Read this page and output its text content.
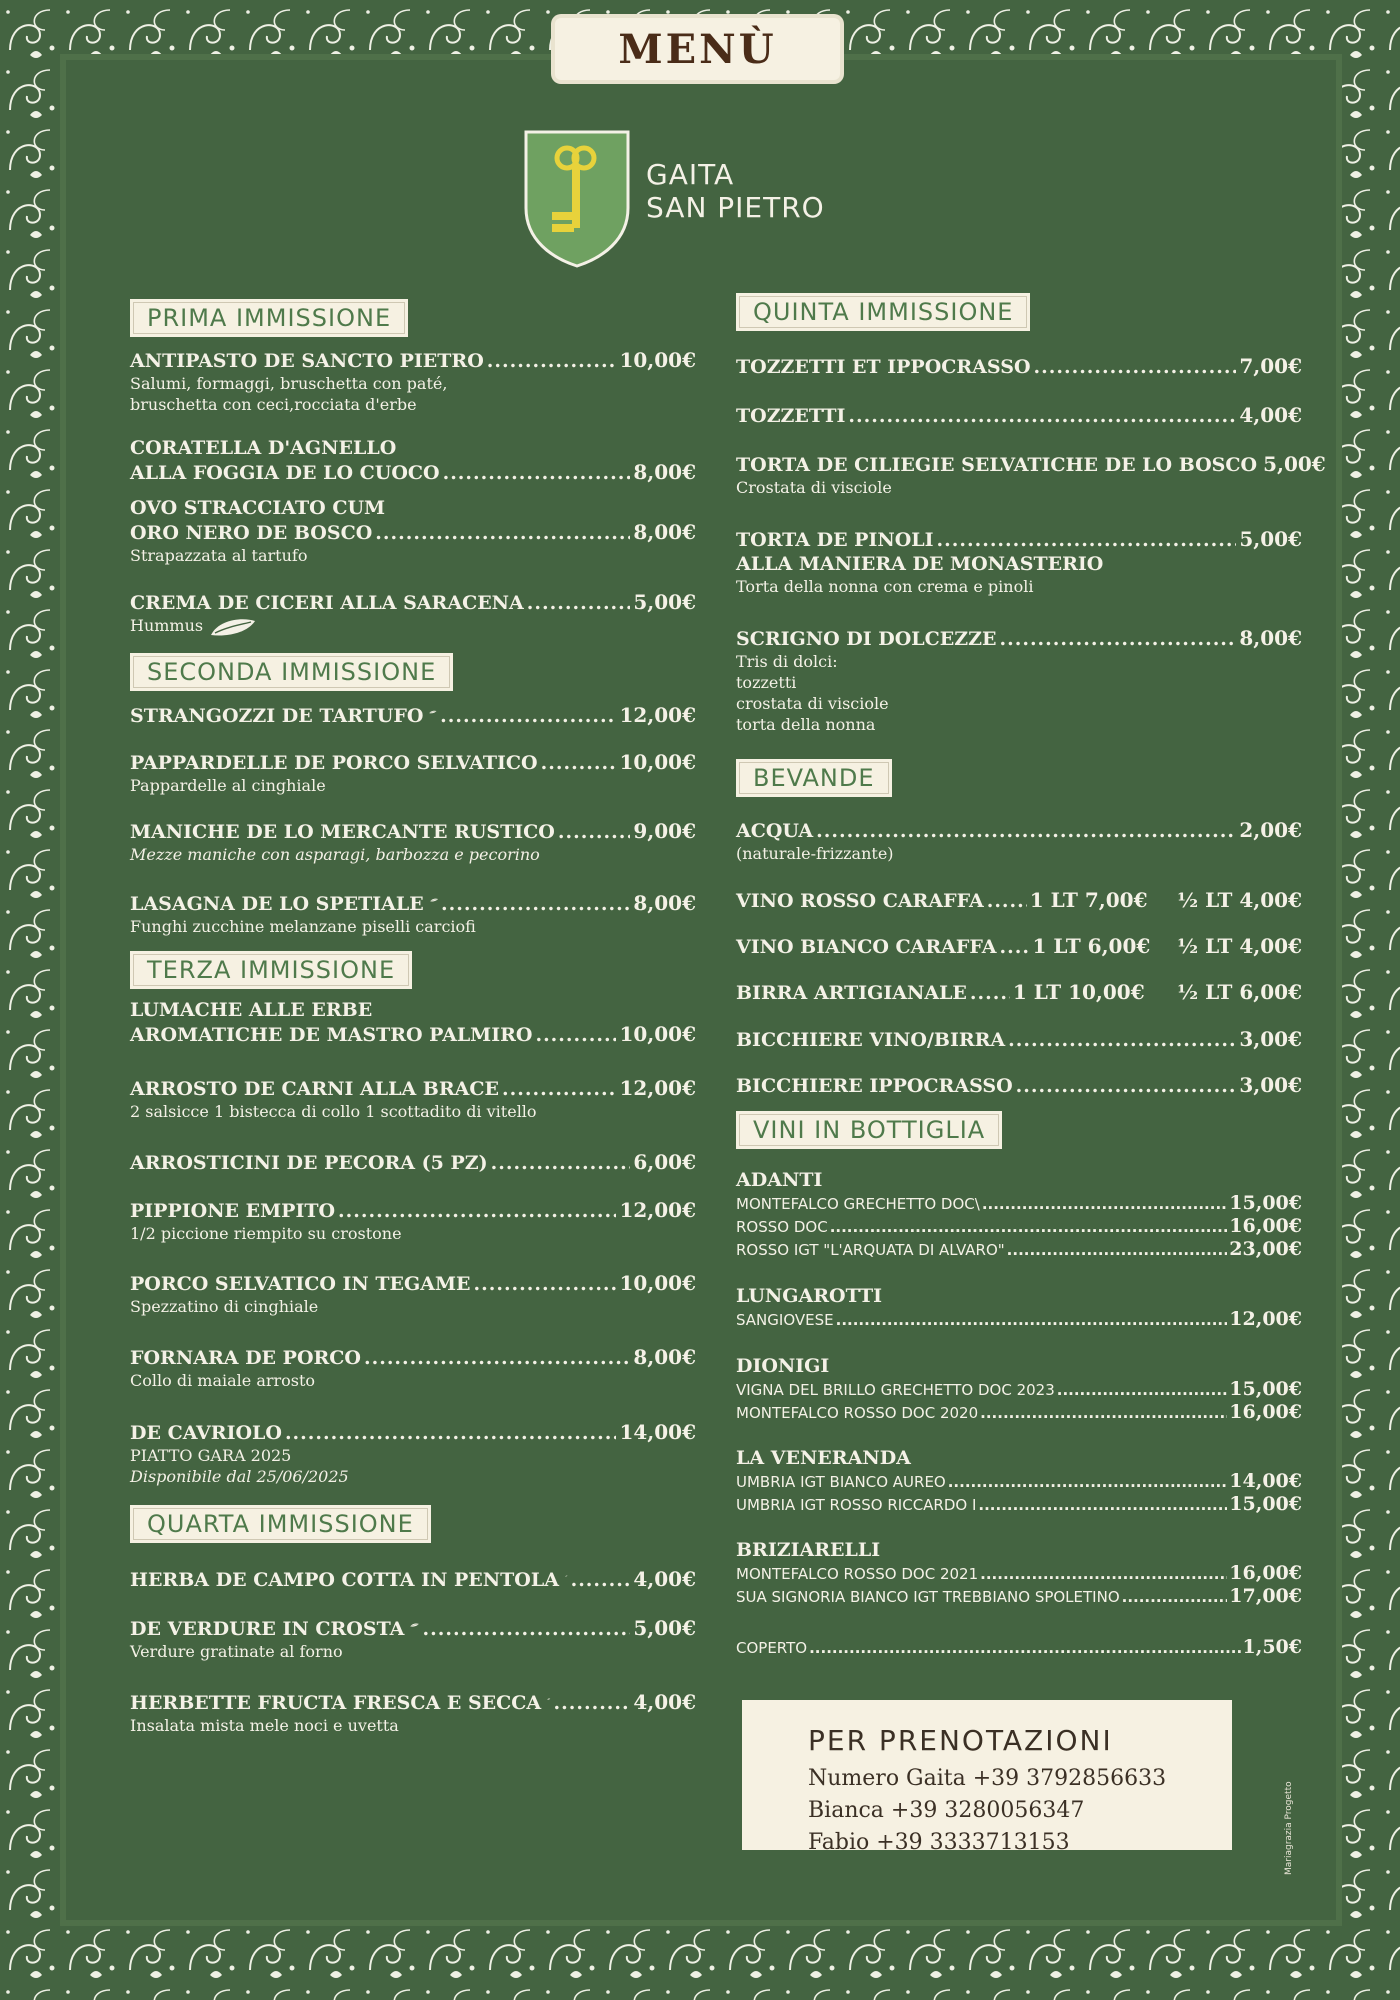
MENÙ
GAITA
SAN PIETRO
PRIMA IMMISSIONE
ANTIPASTO DE SANCTO PIETRO .....	10,00€
Salumi, formaggi, bruschetta con paté,
bruschetta con ceci,rocciata d'erbe
CORATELLA D'AGNELLO
ALLA FOGGIA DE LO CUOCO .....	8,00€
OVO STRACCIATO CUM
ORO NERO DE BOSCO .....	8,00€
Strapazzata al tartufo
CREMA DE CICERI ALLA SARACENA .....	5,00€
Hummus
SECONDA IMMISSIONE
STRANGOZZI DE TARTUFO .....	12,00€
PAPPARDELLE DE PORCO SELVATICO .....	10,00€
Pappardelle al cinghiale
MANICHE DE LO MERCANTE RUSTICO .....	9,00€
Mezze maniche con asparagi, barbozza e pecorino
LASAGNA DE LO SPETIALE .....	8,00€
Funghi zucchine melanzane piselli carciofi
TERZA IMMISSIONE
LUMACHE ALLE ERBE
AROMATICHE DE MASTRO PALMIRO .....	10,00€
ARROSTO DE CARNI ALLA BRACE .....	12,00€
2 salsicce 1 bistecca di collo 1 scottadito di vitello
ARROSTICINI DE PECORA (5 PZ) .....	6,00€
PIPPIONE EMPITO .....	12,00€
1/2 piccione riempito su crostone
PORCO SELVATICO IN TEGAME .....	10,00€
Spezzatino di cinghiale
FORNARA DE PORCO .....	8,00€
Collo di maiale arrosto
DE CAVRIOLO .....	14,00€
PIATTO GARA 2025
Disponibile dal 25/06/2025
QUARTA IMMISSIONE
HERBA DE CAMPO COTTA IN PENTOLA .....	4,00€
DE VERDURE IN CROSTA .....	5,00€
Verdure gratinate al forno
HERBETTE FRUCTA FRESCA E SECCA .....	4,00€
Insalata mista mele noci e uvetta
QUINTA IMMISSIONE
TOZZETTI ET IPPOCRASSO .....	7,00€
TOZZETTI .....	4,00€
TORTA DE CILIEGIE SELVATICHE DE LO BOSCO 5,00€
Crostata di visciole
TORTA DE PINOLI .....	5,00€
ALLA MANIERA DE MONASTERIO
Torta della nonna con crema e pinoli
SCRIGNO DI DOLCEZZE .....	8,00€
Tris di dolci:
tozzetti
crostata di visciole
torta della nonna
BEVANDE
ACQUA .....	2,00€
(naturale-frizzante)
VINO ROSSO CARAFFA ..... 1 LT 7,00€ ½ LT 4,00€
VINO BIANCO CARAFFA ..... 1 LT 6,00€ ½ LT 4,00€
BIRRA ARTIGIANALE ..... 1 LT 10,00€ ½ LT 6,00€
BICCHIERE VINO/BIRRA .....	3,00€
BICCHIERE IPPOCRASSO .....	3,00€
VINI IN BOTTIGLIA
ADANTI
MONTEFALCO GRECHETTO DOC\ .....	15,00€
ROSSO DOC .....	16,00€
ROSSO IGT "L'ARQUATA DI ALVARO" .....	23,00€
LUNGAROTTI
SANGIOVESE .....	12,00€
DIONIGI
VIGNA DEL BRILLO GRECHETTO DOC 2023 .....	15,00€
MONTEFALCO ROSSO DOC 2020 .....	16,00€
LA VENERANDA
UMBRIA IGT BIANCO AUREO .....	14,00€
UMBRIA IGT ROSSO RICCARDO I .....	15,00€
BRIZIARELLI
MONTEFALCO ROSSO DOC 2021 .....	16,00€
SUA SIGNORIA BIANCO IGT TREBBIANO SPOLETINO .....	17,00€
COPERTO .....	1,50€
PER PRENOTAZIONI
Numero Gaita +39 3792856633
Bianca +39 3280056347
Fabio +39 3333713153	Mariagrazia Progetto
